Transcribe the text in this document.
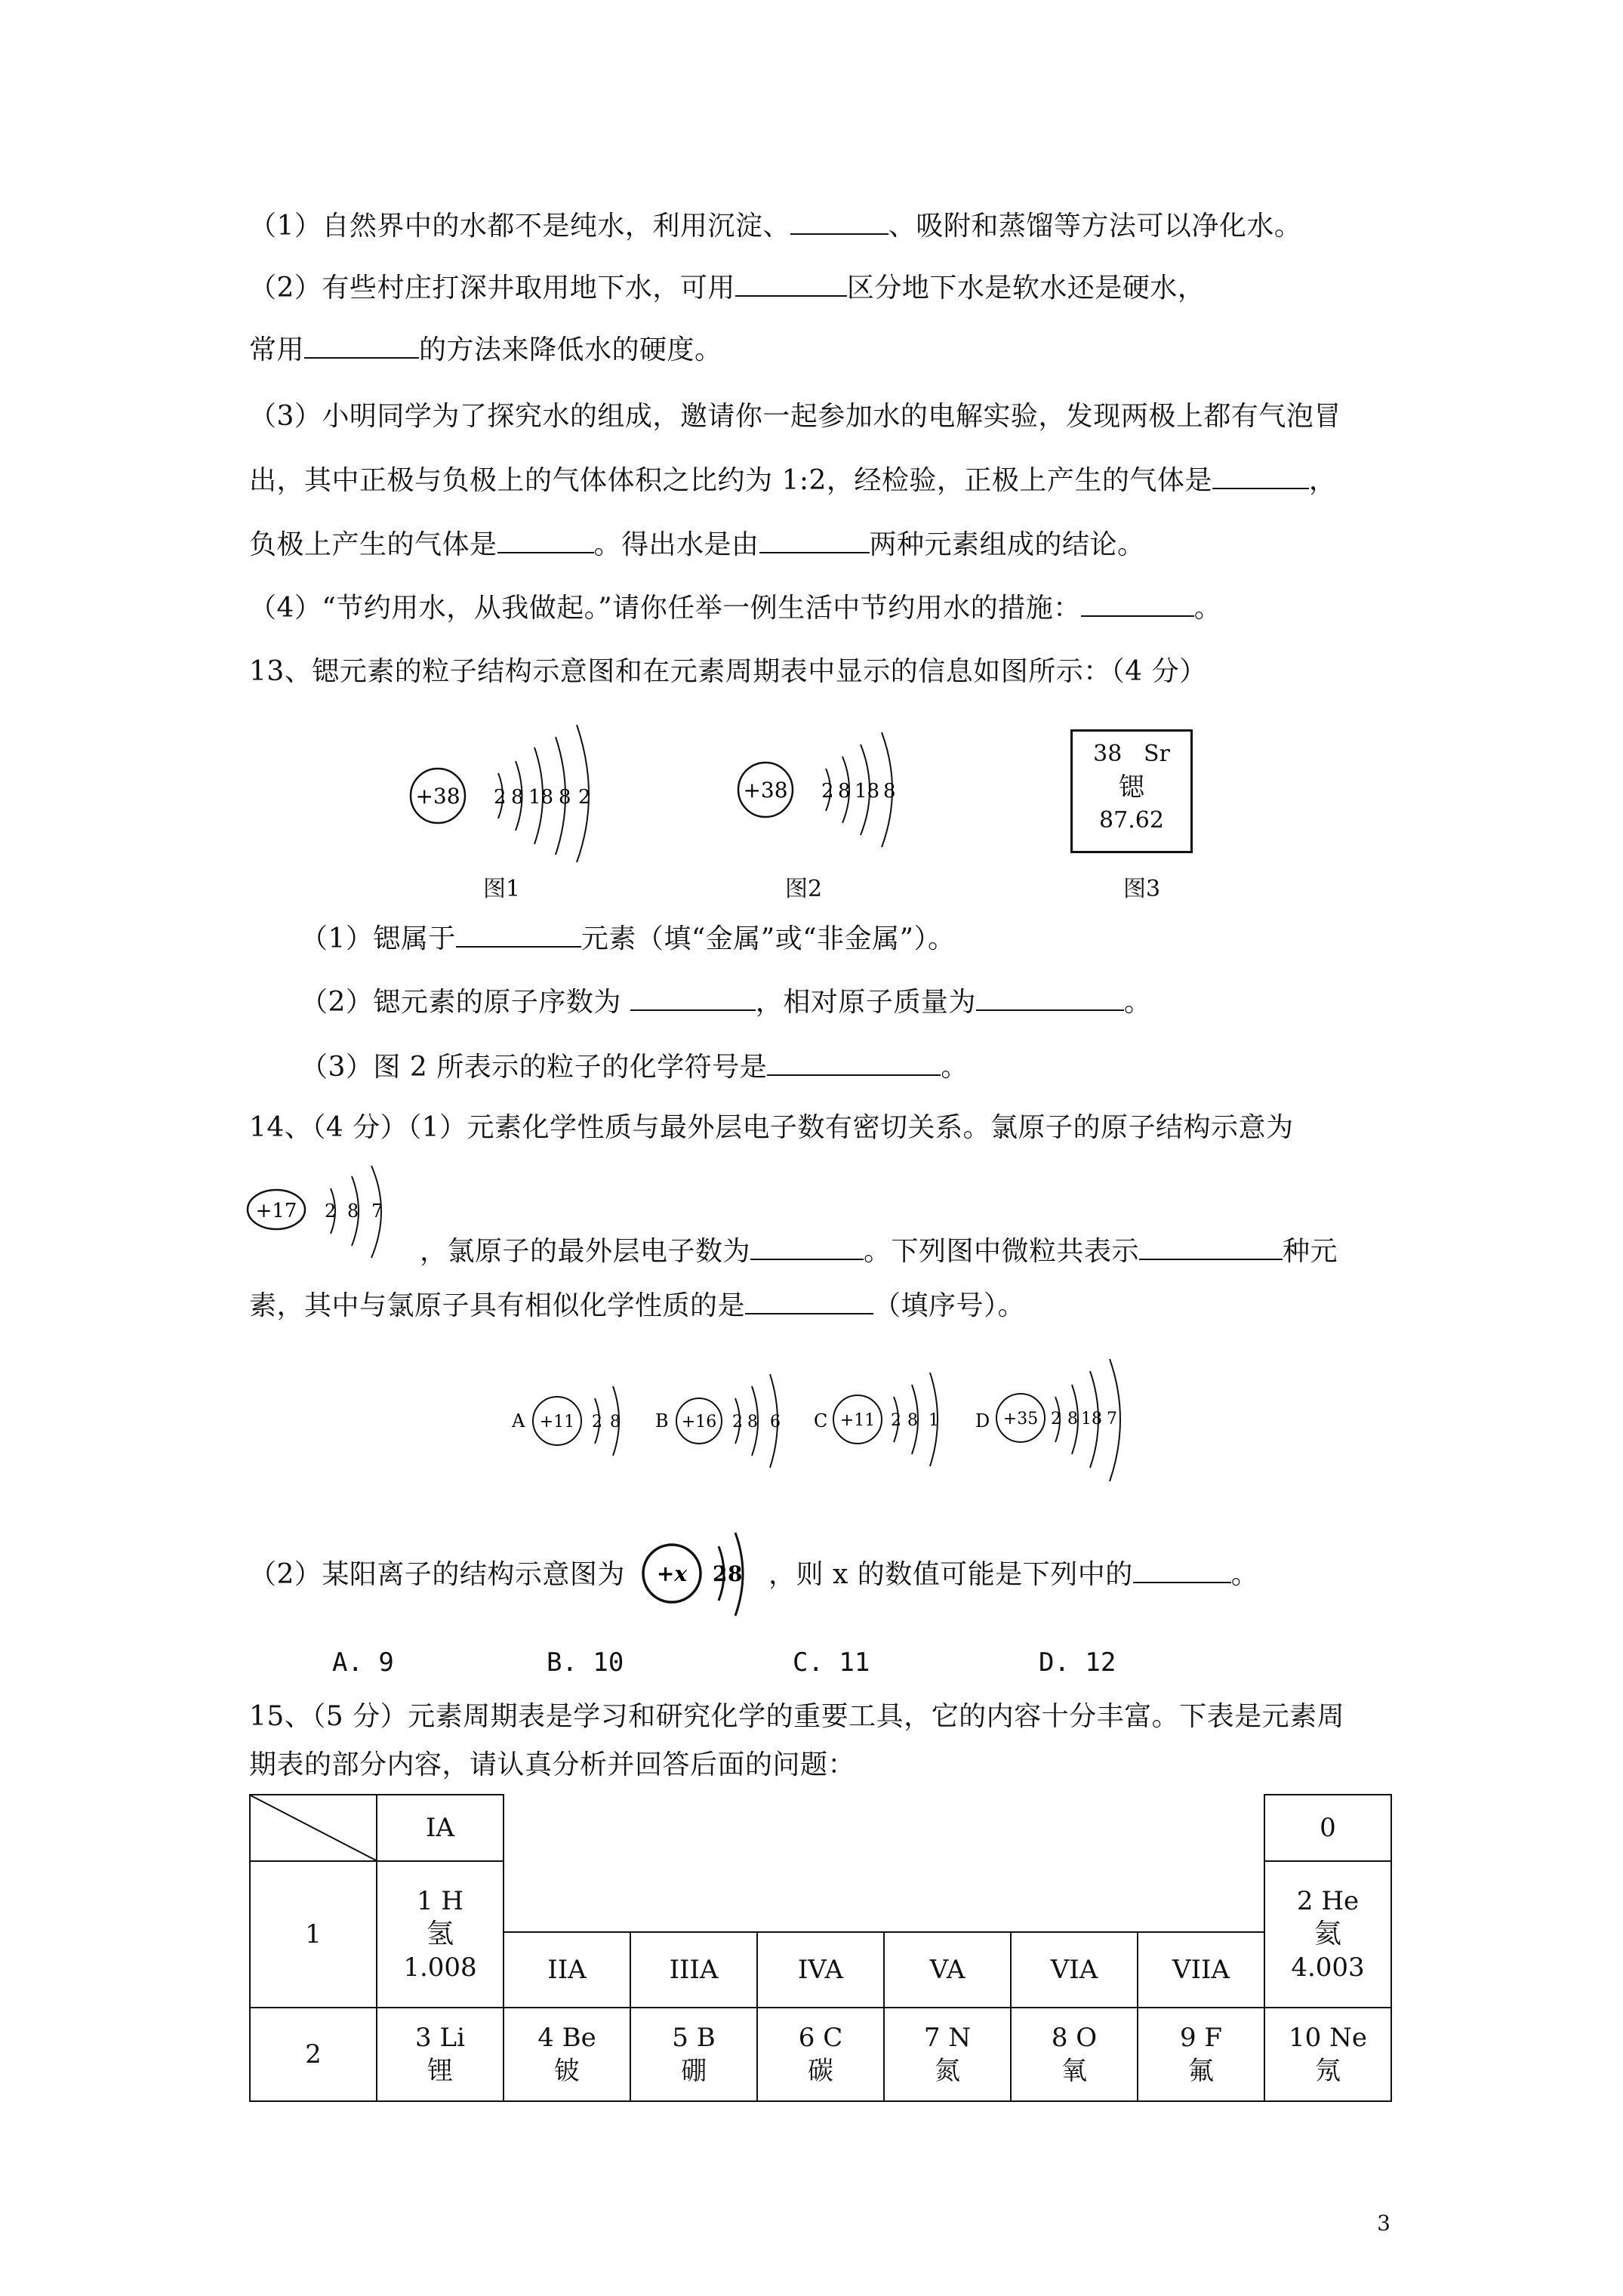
（1）自然界中的水都不是纯水，利用沉淀、	、吸附和蒸馏等方法可以净化水。
（2）有些村庄打深井取用地下水，可用	区分地下水是软水还是硬水，
常用	的方法来降低水的硬度。
（3）小明同学为了探究水的组成，邀请你一起参加水的电解实验，发现两极上都有气泡冒
出，其中正极与负极上的气体体积之比约为 1:2，经检验，正极上产生的气体是	，
负极上产生的气体是	。得出水是由	两种元素组成的结论。
（4）“节约用水，从我做起。”请你任举一例生活中节约用水的措施：	。
13、锶元素的粒子结构示意图和在元素周期表中显示的信息如图所示：（4 分）
+38 2 8 18 8 2
图1
+38 2 8 18 8
图2
38 Sr
锶
87.62
图3
（1）锶属于	元素（填“金属”或“非金属”）。
（2）锶元素的原子序数为	，相对原子质量为	。
（3）图 2 所表示的粒子的化学符号是	。
14、（4 分）（1）元素化学性质与最外层电子数有密切关系。氯原子的原子结构示意为
+17 2 8 7
，氯原子的最外层电子数为	。下列图中微粒共表示	种元
素，其中与氯原子具有相似化学性质的是	（填序号）。
A +11 2 8 B +16 2 8 6 C +11 2 8 1 D +35 2 8 18 7
（2）某阳离子的结构示意图为 +x 2 8 ，则 x 的数值可能是下列中的	。
A. 9	B. 10	C. 11	D. 12
15、（5 分）元素周期表是学习和研究化学的重要工具，它的内容十分丰富。下表是元素周
期表的部分内容，请认真分析并回答后面的问题：
	IA							0
1	1 H
氢
1.008							2 He
氦
4.003

		IIA	IIIA	IVA	VA	VIA	VIIA	
2	3 Li
锂	4 Be
铍	5 B
硼	6 C
碳	7 N
氮	8 O
氧	9 F
氟	10 Ne
氖
3
